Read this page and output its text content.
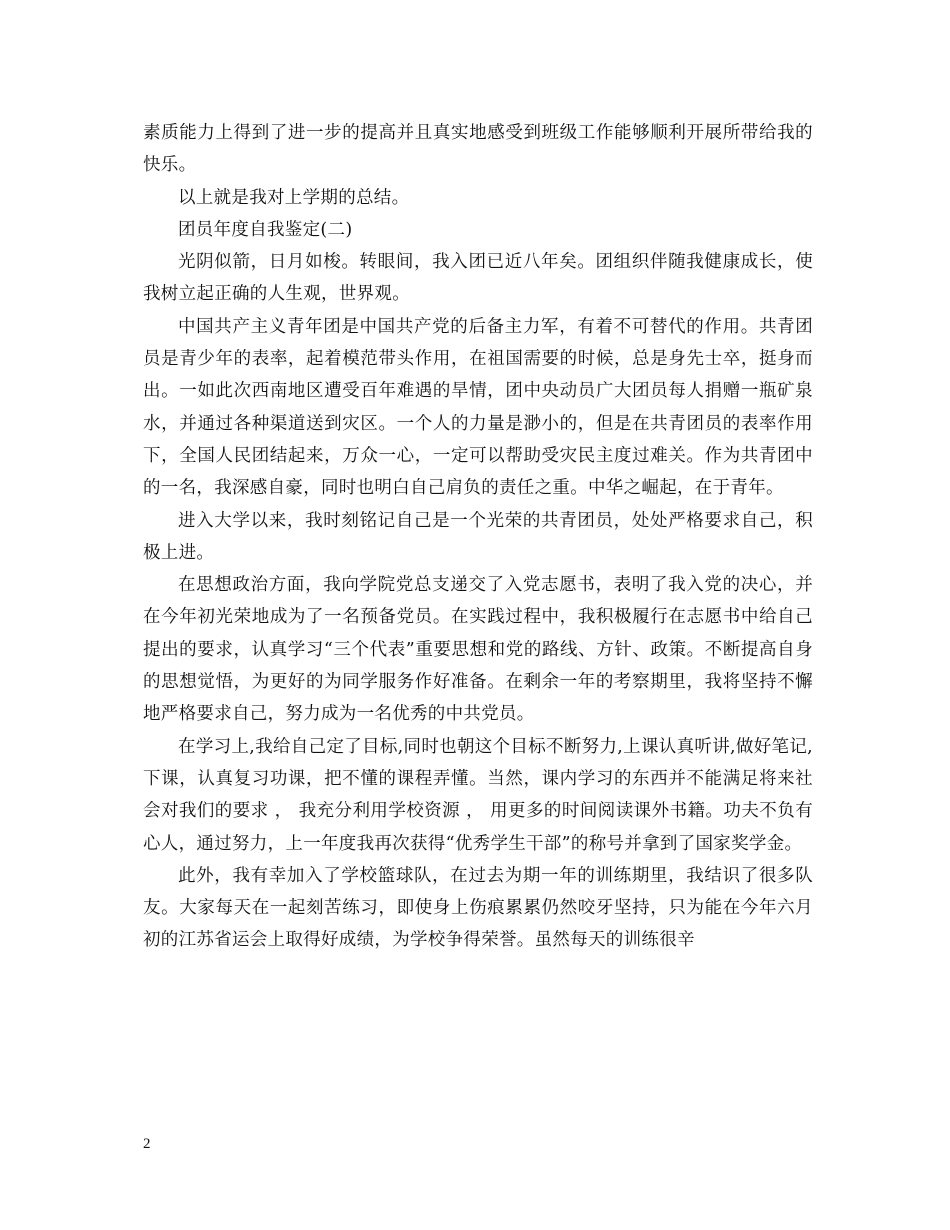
素质能力上得到了进一步的提高并且真实地感受到班级工作能够顺利开展所带给我的快乐。

以上就是我对上学期的总结。

团员年度自我鉴定(二)

光阴似箭，日月如梭。转眼间，我入团已近八年矣。团组织伴随我健康成长，使我树立起正确的人生观，世界观。

中国共产主义青年团是中国共产党的后备主力军，有着不可替代的作用。共青团员是青少年的表率，起着模范带头作用，在祖国需要的时候，总是身先士卒，挺身而出。一如此次西南地区遭受百年难遇的旱情，团中央动员广大团员每人捐赠一瓶矿泉水，并通过各种渠道送到灾区。一个人的力量是渺小的，但是在共青团员的表率作用下，全国人民团结起来，万众一心，一定可以帮助受灾民主度过难关。作为共青团中的一名，我深感自豪，同时也明白自己肩负的责任之重。中华之崛起，在于青年。

进入大学以来，我时刻铭记自己是一个光荣的共青团员，处处严格要求自己，积极上进。

在思想政治方面，我向学院党总支递交了入党志愿书，表明了我入党的决心，并在今年初光荣地成为了一名预备党员。在实践过程中，我积极履行在志愿书中给自己提出的要求，认真学习“三个代表”重要思想和党的路线、方针、政策。不断提高自身的思想觉悟，为更好的为同学服务作好准备。在剩余一年的考察期里，我将坚持不懈地严格要求自己，努力成为一名优秀的中共党员。

在学习上,我给自己定了目标,同时也朝这个目标不断努力,上课认真听讲,做好笔记, 下课，认真复习功课，把不懂的课程弄懂。当然，课内学习的东西并不能满足将来社会对我们的要求 ， 我充分利用学校资源 ， 用更多的时间阅读课外书籍。功夫不负有心人，通过努力，上一年度我再次获得“优秀学生干部”的称号并拿到了国家奖学金。

此外，我有幸加入了学校篮球队，在过去为期一年的训练期里，我结识了很多队友。大家每天在一起刻苦练习，即使身上伤痕累累仍然咬牙坚持，只为能在今年六月初的江苏省运会上取得好成绩，为学校争得荣誉。虽然每天的训练很辛

2
